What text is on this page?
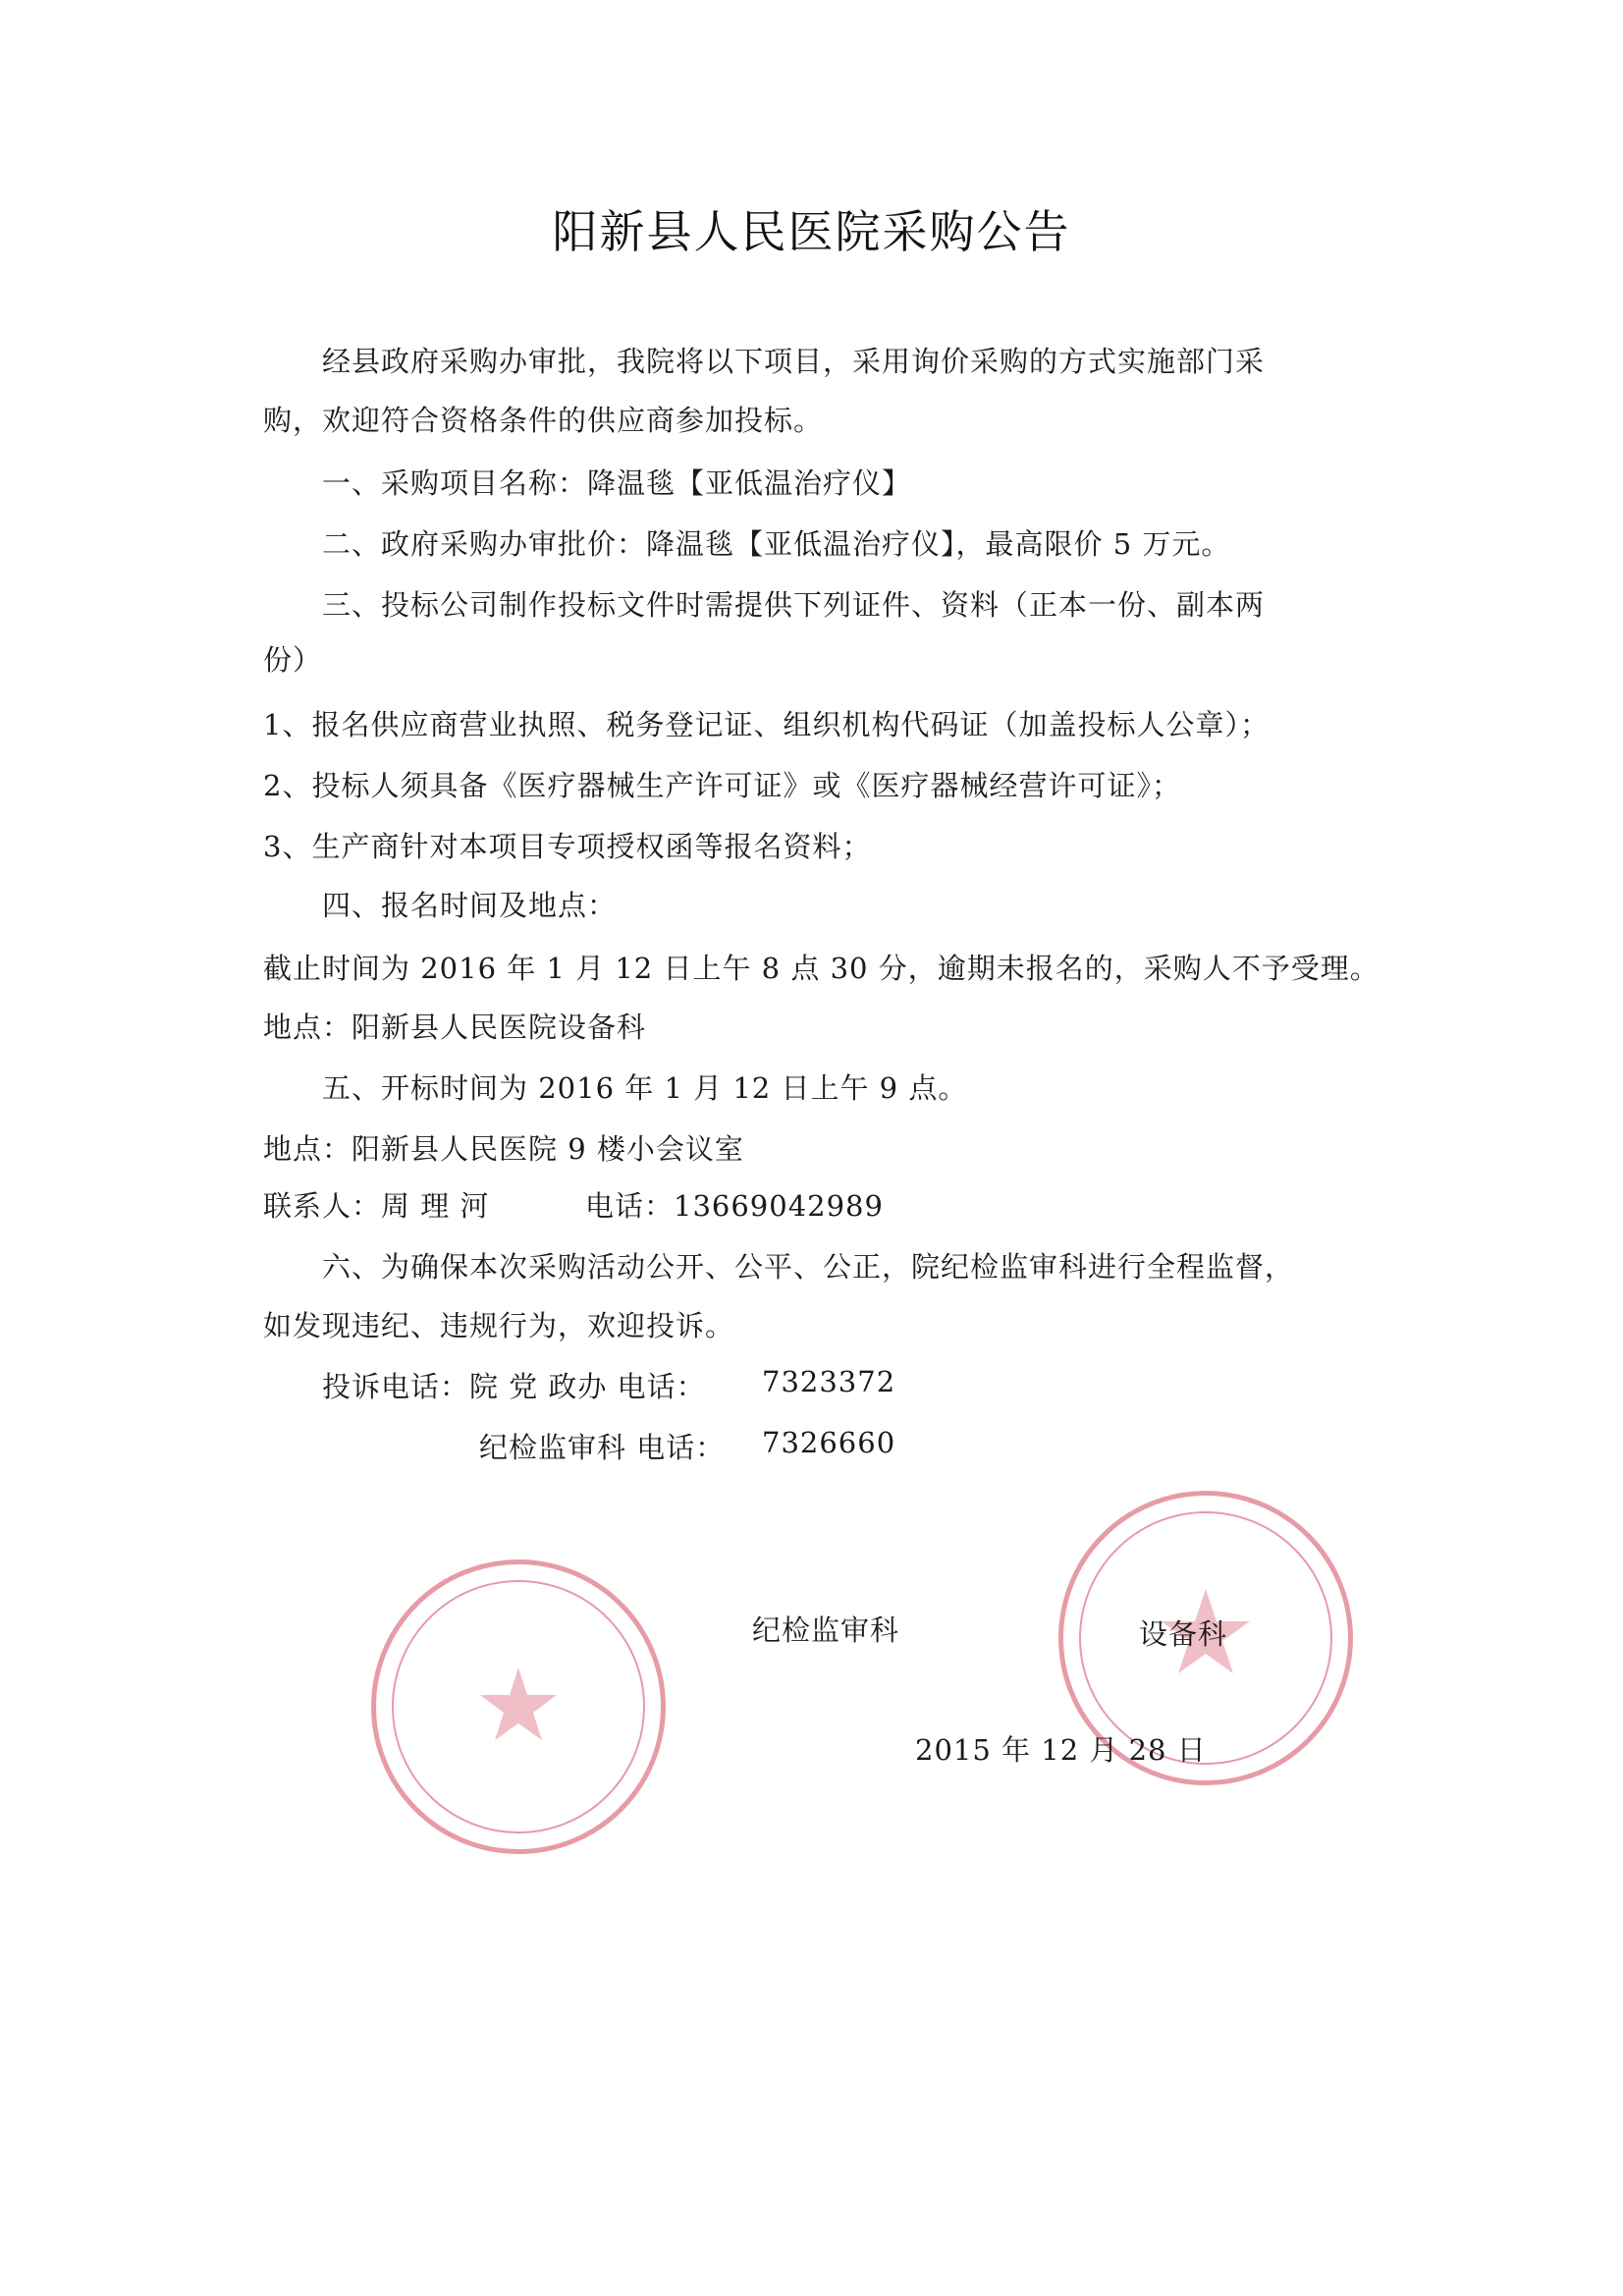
阳新县人民医院采购公告
经县政府采购办审批，我院将以下项目，采用询价采购的方式实施部门采
购，欢迎符合资格条件的供应商参加投标。
一、采购项目名称：降温毯【亚低温治疗仪】
二、政府采购办审批价：降温毯【亚低温治疗仪】，最高限价 5 万元。
三、投标公司制作投标文件时需提供下列证件、资料（正本一份、副本两
份）
1、报名供应商营业执照、税务登记证、组织机构代码证（加盖投标人公章）；
2、投标人须具备《医疗器械生产许可证》或《医疗器械经营许可证》；
3、生产商针对本项目专项授权函等报名资料；
四、报名时间及地点：
截止时间为 2016 年 1 月 12 日上午 8 点 30 分，逾期未报名的，采购人不予受理。
地点：阳新县人民医院设备科
五、开标时间为 2016 年 1 月 12 日上午 9 点。
地点：阳新县人民医院 9 楼小会议室
联系人：周 理 河	电话：13669042989
六、为确保本次采购活动公开、公平、公正，院纪检监审科进行全程监督，
如发现违纪、违规行为，欢迎投诉。
投诉电话：院 党 政办 电话： 7323372
纪检监审科 电话： 7326660
纪检监审科	设备科
2015 年 12 月 28 日
